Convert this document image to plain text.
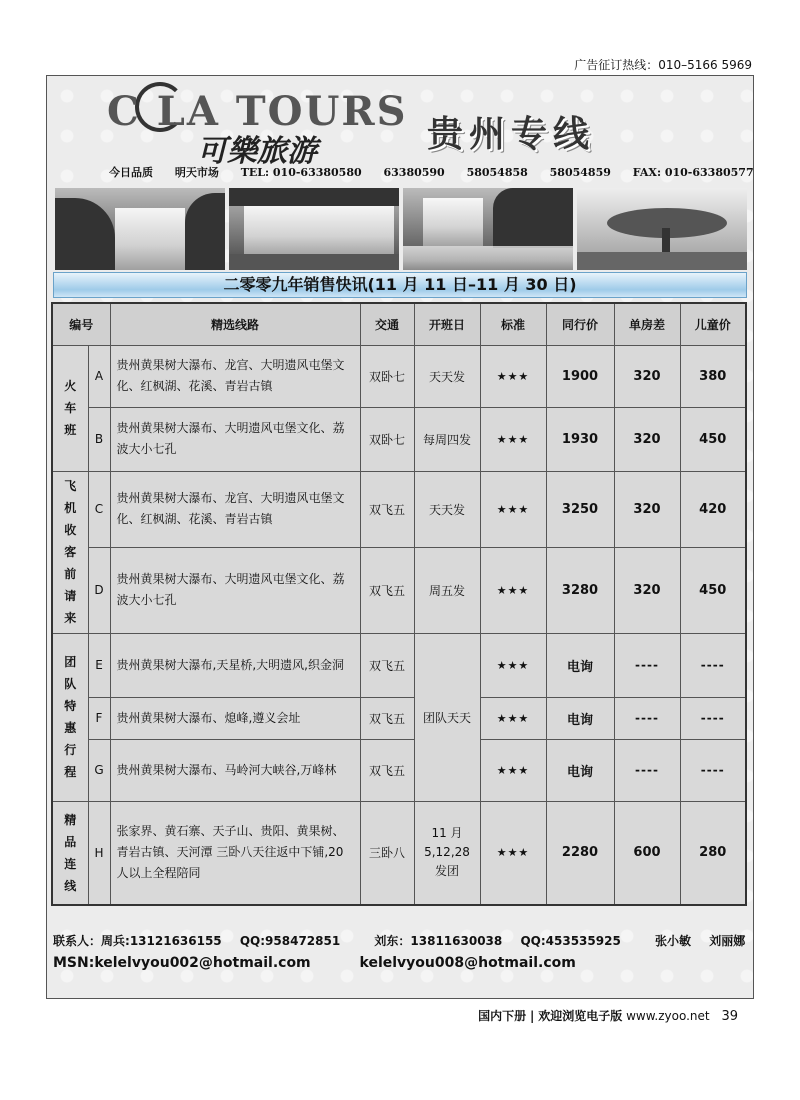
广告征订热线：010–5166 5969
C LA TOURS
可樂旅游	贵州专线
今日品质 明天市场 TEL: 010-63380580 63380590 58054858 58054859 FAX: 010-63380577
二零零九年销售快讯(11 月 11 日–11 月 30 日)
编号		精选线路	交通	开班日	标准	同行价	单房差	儿童价

火车班	A	贵州黄果树大瀑布、龙宫、大明遗风屯堡文化、红枫湖、花溪、青岩古镇	双卧七	天天发	★★★	1900	320	380
	B	贵州黄果树大瀑布、大明遗风屯堡文化、荔波大小七孔	双卧七	每周四发	★★★	1930	320	450

飞机收客前请来	C	贵州黄果树大瀑布、龙宫、大明遗风屯堡文化、红枫湖、花溪、青岩古镇	双飞五	天天发	★★★	3250	320	420
	D	贵州黄果树大瀑布、大明遗风屯堡文化、荔波大小七孔	双飞五	周五发	★★★	3280	320	450

团队特惠行程	E	贵州黄果树大瀑布,天星桥,大明遗风,织金洞	双飞五	团队天天	★★★	电询	----	----
	F	贵州黄果树大瀑布、熄峰,遵义会址	双飞五		★★★	电询	----	----
	G	贵州黄果树大瀑布、马岭河大峡谷,万峰林	双飞五		★★★	电询	----	----

精品连线	H	张家界、黄石寨、天子山、贵阳、黄果树、青岩古镇、天河潭 三卧八天往返中下铺,20 人以上全程陪同	三卧八	11 月
5,12,28
发团	★★★	2280	600	280
联系人：周兵:13121636155 QQ:958472851	刘东：13811630038 QQ:453535925	张小敏 刘丽娜
MSN:kelelvyou002@hotmail.com	kelelvyou008@hotmail.com
国内下册 | 欢迎浏览电子版 www.zyoo.net 39
